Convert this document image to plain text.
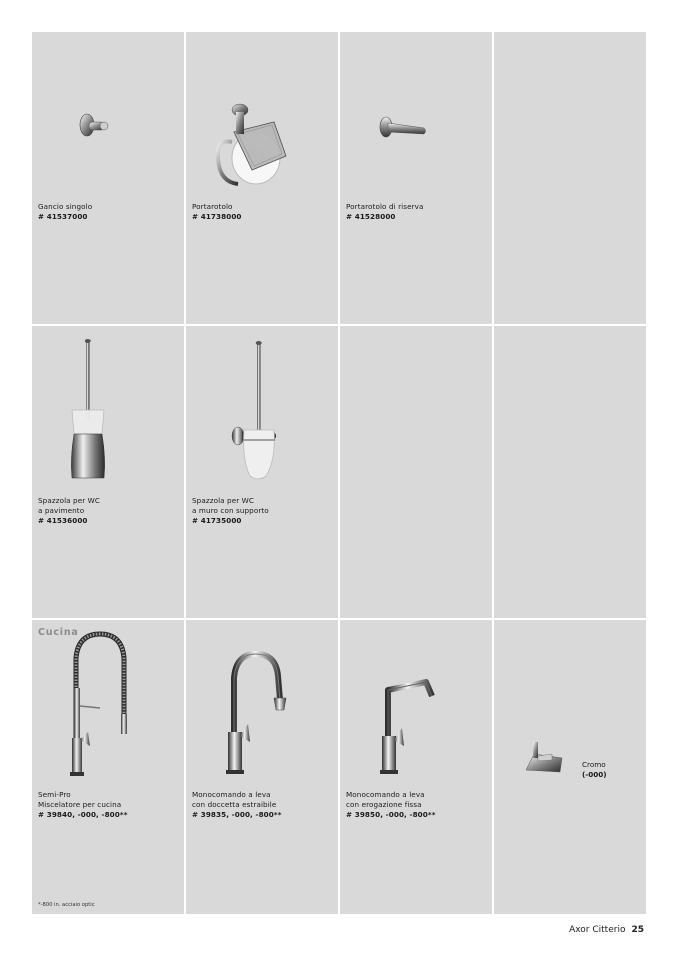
Gancio singolo
# 41537000
Portarotolo
# 41738000
Portarotolo di riserva
# 41528000
Spazzola per WC
a pavimento
# 41536000
Spazzola per WC
a muro con supporto
# 41735000
Cucina
Semi-Pro
Miscelatore per cucina
# 39840, -000, -800**
*-800 in. acciaio optic
Monocomando a leva
con doccetta estraibile
# 39835, -000, -800**
Monocomando a leva
con erogazione fissa
# 39850, -000, -800**
Cromo
(-000)
Axor Citterio 25
